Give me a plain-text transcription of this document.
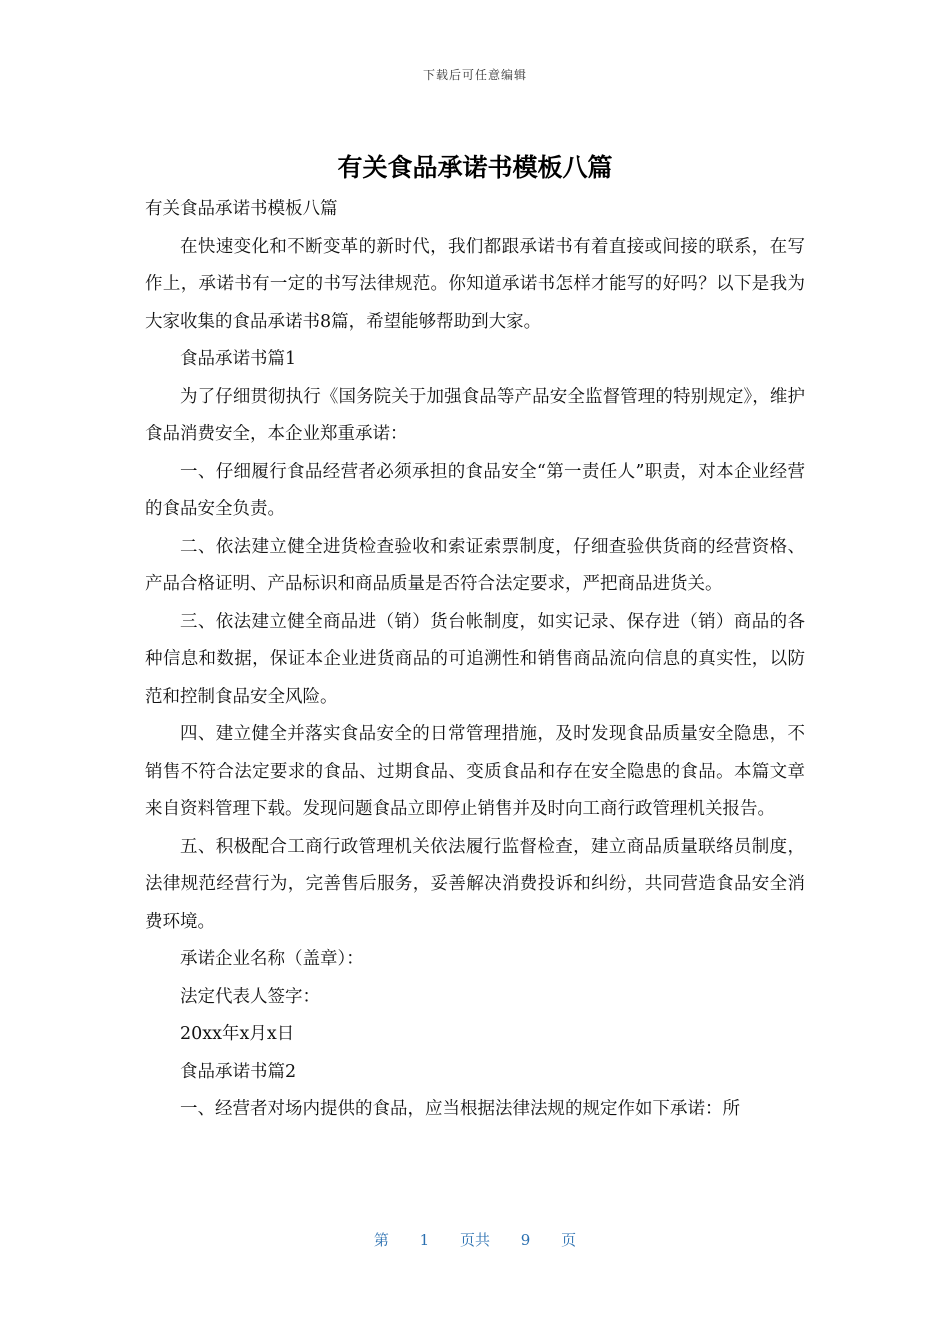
下载后可任意编辑
有关食品承诺书模板八篇

有关食品承诺书模板八篇

在快速变化和不断变革的新时代，我们都跟承诺书有着直接或间接的联系，在写作上，承诺书有一定的书写法律规范。你知道承诺书怎样才能写的好吗？以下是我为大家收集的食品承诺书8篇，希望能够帮助到大家。

食品承诺书篇1

为了仔细贯彻执行《国务院关于加强食品等产品安全监督管理的特别规定》，维护食品消费安全，本企业郑重承诺：

一、仔细履行食品经营者必须承担的食品安全“第一责任人”职责，对本企业经营的食品安全负责。

二、依法建立健全进货检查验收和索证索票制度，仔细查验供货商的经营资格、产品合格证明、产品标识和商品质量是否符合法定要求，严把商品进货关。

三、依法建立健全商品进（销）货台帐制度，如实记录、保存进（销）商品的各种信息和数据，保证本企业进货商品的可追溯性和销售商品流向信息的真实性，以防范和控制食品安全风险。

四、建立健全并落实食品安全的日常管理措施，及时发现食品质量安全隐患，不销售不符合法定要求的食品、过期食品、变质食品和存在安全隐患的食品。本篇文章来自资料管理下载。发现问题食品立即停止销售并及时向工商行政管理机关报告。

五、积极配合工商行政管理机关依法履行监督检查，建立商品质量联络员制度，法律规范经营行为，完善售后服务，妥善解决消费投诉和纠纷，共同营造食品安全消费环境。

承诺企业名称（盖章）：

法定代表人签字：

20xx年x月x日

食品承诺书篇2

一、经营者对场内提供的食品，应当根据法律法规的规定作如下承诺：所

第 1 页共 9 页
